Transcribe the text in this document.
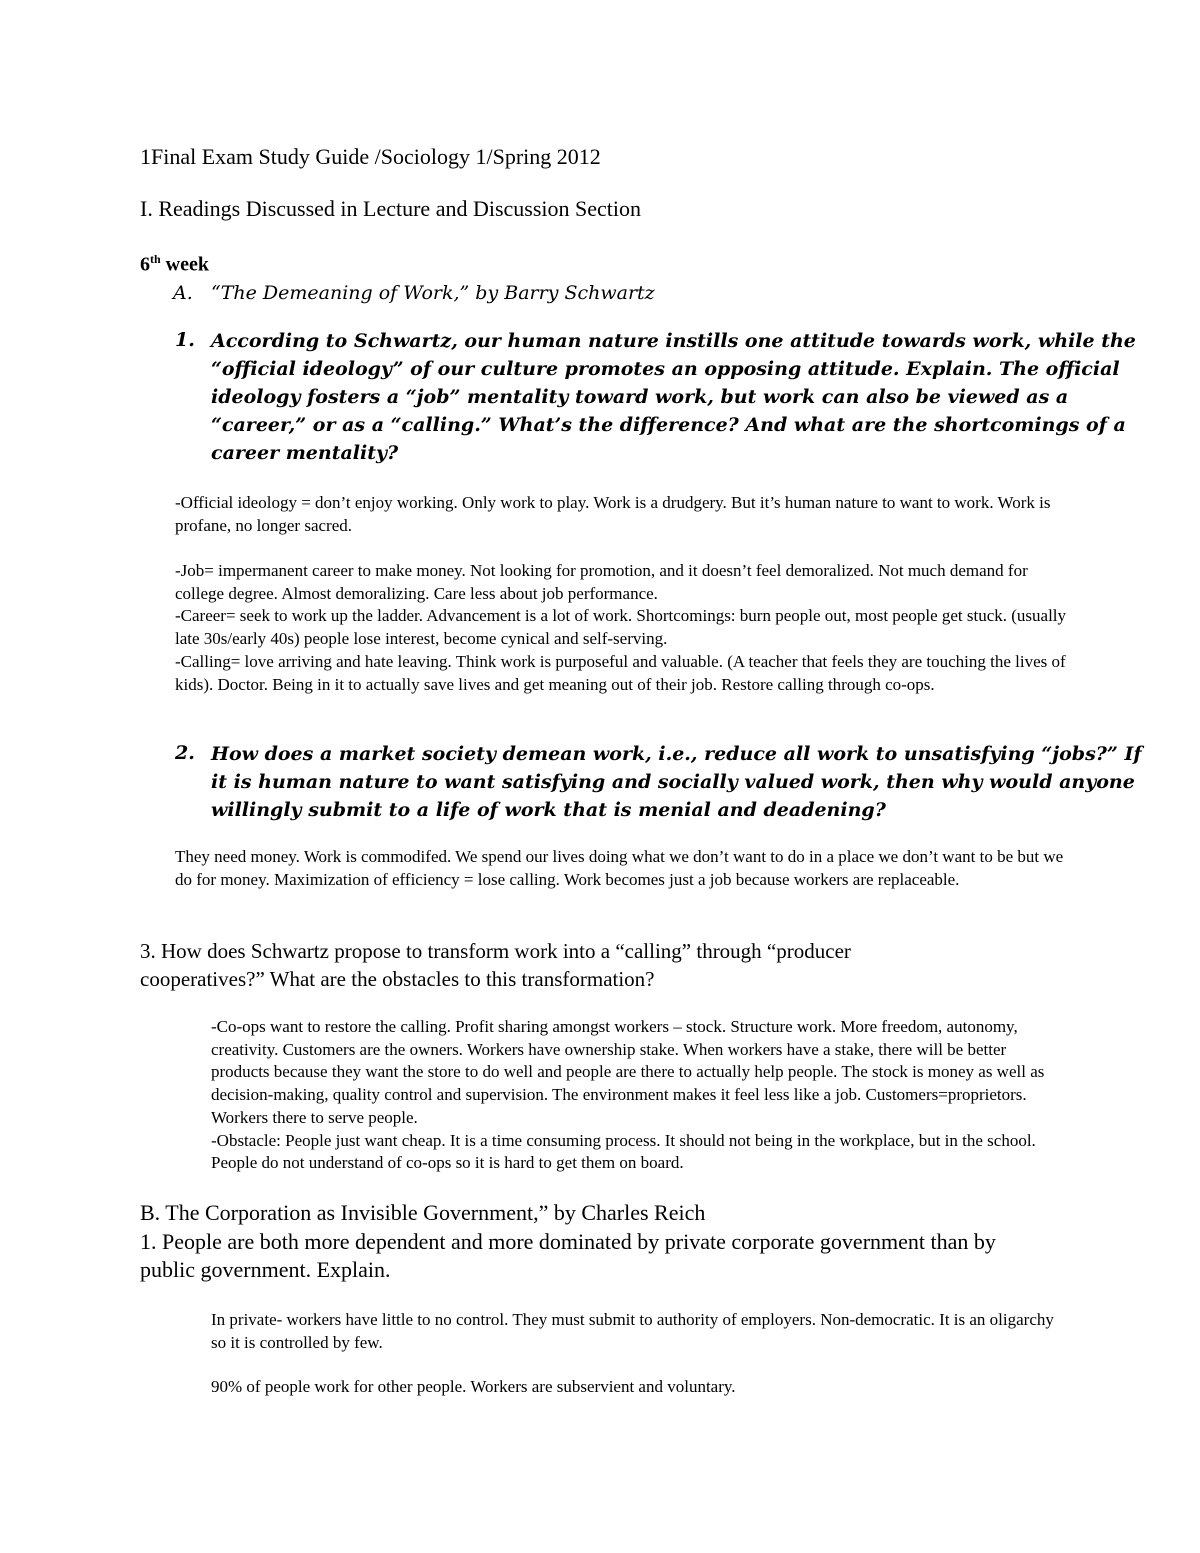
1Final Exam Study Guide /Sociology 1/Spring 2012
I. Readings Discussed in Lecture and Discussion Section
6th week
A. “The Demeaning of Work,” by Barry Schwartz
1. According to Schwartz, our human nature instills one attitude towards work, while the
“official ideology” of our culture promotes an opposing attitude. Explain. The official
ideology fosters a “job” mentality toward work, but work can also be viewed as a
“career,” or as a “calling.” What’s the difference? And what are the shortcomings of a
career mentality?
-Official ideology = don’t enjoy working. Only work to play. Work is a drudgery. But it’s human nature to want to work. Work is profane, no longer sacred.
-Job= impermanent career to make money. Not looking for promotion, and it doesn’t feel demoralized. Not much demand for college degree. Almost demoralizing. Care less about job performance.
-Career= seek to work up the ladder. Advancement is a lot of work. Shortcomings: burn people out, most people get stuck. (usually late 30s/early 40s) people lose interest, become cynical and self-serving.
-Calling= love arriving and hate leaving. Think work is purposeful and valuable. (A teacher that feels they are touching the lives of kids). Doctor. Being in it to actually save lives and get meaning out of their job. Restore calling through co-ops.
2. How does a market society demean work, i.e., reduce all work to unsatisfying “jobs?” If
it is human nature to want satisfying and socially valued work, then why would anyone
willingly submit to a life of work that is menial and deadening?
They need money. Work is commodifed. We spend our lives doing what we don’t want to do in a place we don’t want to be but we do for money. Maximization of efficiency = lose calling. Work becomes just a job because workers are replaceable.
3. How does Schwartz propose to transform work into a “calling” through “producer
cooperatives?” What are the obstacles to this transformation?
-Co-ops want to restore the calling. Profit sharing amongst workers – stock. Structure work. More freedom, autonomy, creativity. Customers are the owners. Workers have ownership stake. When workers have a stake, there will be better products because they want the store to do well and people are there to actually help people. The stock is money as well as decision-making, quality control and supervision. The environment makes it feel less like a job. Customers=proprietors. Workers there to serve people.
-Obstacle: People just want cheap. It is a time consuming process. It should not being in the workplace, but in the school. People do not understand of co-ops so it is hard to get them on board.
B. The Corporation as Invisible Government,” by Charles Reich
1. People are both more dependent and more dominated by private corporate government than by
public government. Explain.
In private- workers have little to no control. They must submit to authority of employers. Non-democratic. It is an oligarchy so it is controlled by few.
90% of people work for other people. Workers are subservient and voluntary.
